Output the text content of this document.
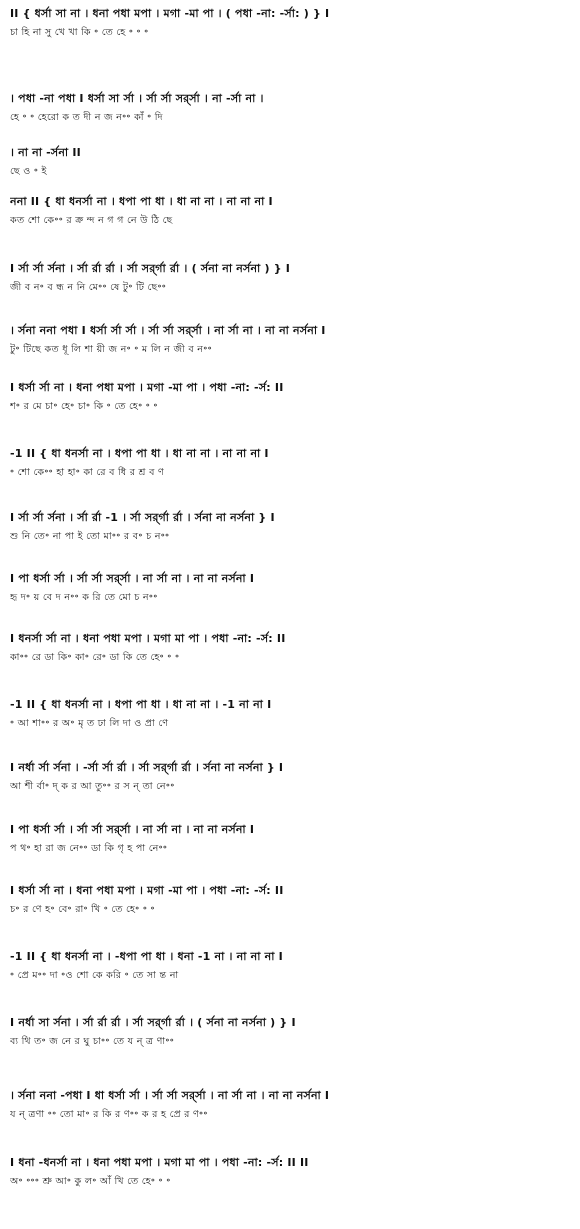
II { ধর্সা সা না । ধনা পধা মপা । মগা -মা পা । ( পধা -না: -র্সা: ) } I
চা হি না সু খে খা কি ॰ তে হে ॰ ॰ ॰
। পধা -না পধা I ধর্সা সা র্সা । র্সা র্সা সর্র্সা । না -র্সা না ।
হে ॰ ॰ হেরো ক ত দী ন জ ন॰॰ কাঁ ॰ দি
। না না -র্সনা II
ছে ও ॰ ই
ননা II { ধা ধনর্সা না । ধপা পা ধা । ধা না না । না না না I
কত শো কে॰॰ র ক্র ন্দ ন গ গ নে উ ঠি ছে
I র্সা র্সা র্সনা । র্সা র্রা র্রা । র্সা সর্র্গা র্রা । ( র্সনা না নর্সনা ) } I
জী ব ন॰ ব ন্ধ ন নি মে॰॰ ষে টু॰ টি ছে॰॰
। র্সনা ননা পধা I ধর্সা র্সা র্সা । র্সা র্সা সর্র্সা । না র্সা না । না না নর্সনা I
টু॰ টিছে কত ধূ লি শা য়ী জ ন॰ ॰ ম লি ন জী ব ন॰॰
I ধর্সা র্সা না । ধনা পধা মপা । মগা -মা পা । পধা -না: -র্স: II
শ॰ র মে চা॰ হে॰ চা॰ কি ॰ তে হে॰ ॰ ॰
-1 II { ধা ধনর্সা না । ধপা পা ধা । ধা না না । না না না I
॰ শো কে॰॰ হা হা॰ কা রে ব ধি র শ্র ব ণ
I র্সা র্সা র্সনা । র্সা র্রা -1 । র্সা সর্র্গা র্রা । র্সনা না নর্সনা } I
শু নি তে॰ না পা ই তো মা॰॰ র ব॰ চ ন॰॰
I পা ধর্সা র্সা । র্সা র্সা সর্র্সা । না র্সা না । না না নর্সনা I
হৃ দ॰ য় বে দ ন॰॰ ক রি তে মো চ ন॰॰
I ধনর্সা র্সা না । ধনা পধা মপা । মগা মা পা । পধা -না: -র্স: II
কা॰॰ রে ডা কি॰ কা॰ রে॰ ডা কি তে হে॰ ॰ ॰
-1 II { ধা ধনর্সা না । ধপা পা ধা । ধা না না । -1 না না I
॰ আ শা॰॰ র অ॰ মৃ ত ঢা লি দা ও প্রা ণে
I নর্ধা র্সা র্সনা । -র্সা র্সা র্রা । র্সা সর্র্গা র্রা । র্সনা না নর্সনা } I
আ শী র্বা॰ দ্ ক র আ তু॰॰ র স ন্ তা নে॰॰
I পা ধর্সা র্সা । র্সা র্সা সর্র্সা । না র্সা না । না না নর্সনা I
প থ॰ হা রা জ নে॰॰ ডা কি গৃ হ পা নে॰॰
I ধর্সা র্সা না । ধনা পধা মপা । মগা -মা পা । পধা -না: -র্স: II
চ॰ র ণে হ॰ বে॰ রা॰ খি ॰ তে হে॰ ॰ ॰
-1 II { ধা ধনর্সা না । -ধপা পা ধা । ধনা -1 না । না না না I
॰ প্রে ম॰॰ দা ॰ও শো কে করি ॰ তে সা ন্ত না
I নর্ধা সা র্সনা । র্সা র্রা র্রা । র্সা সর্র্গা র্রা । ( র্সনা না নর্সনা ) } I
ব্য থি ত॰ জ নে র ঘু চা॰॰ তে য ন্ ত্র ণা॰॰
। র্সনা ননা -পধা I ধা ধর্সা র্সা । র্সা র্সা সর্র্সা । না র্সা না । না না নর্সনা I
য ন্ ত্রণা ॰॰ তো মা॰ র কি র ণ॰॰ ক র হ প্রে র ণ॰॰
I ধনা -ধনর্সা না । ধনা পধা মপা । মগা মা পা । পধা -না: -র্স: II II
অ॰ ॰॰॰ শ্রু আ॰ কু ল॰ আঁ খি তে হে॰ ॰ ॰
